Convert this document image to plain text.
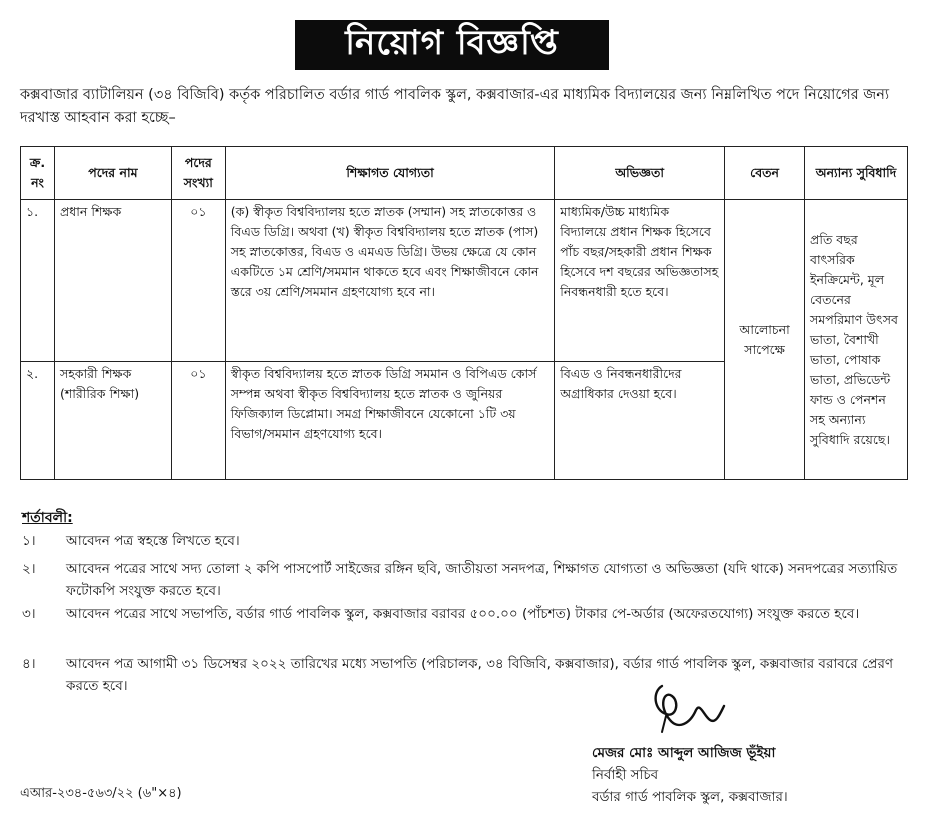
নিয়োগ বিজ্ঞপ্তি
কক্সবাজার ব্যাটালিয়ন (৩৪ বিজিবি) কর্তৃক পরিচালিত বর্ডার গার্ড পাবলিক স্কুল, কক্সবাজার-এর মাধ্যমিক বিদ্যালয়ের জন্য নিম্নলিখিত পদে নিয়োগের জন্য দরখাস্ত আহবান করা হচ্ছে–
ক্র. নং	পদের নাম	পদের সংখ্যা	শিক্ষাগত যোগ্যতা	অভিজ্ঞতা	বেতন	অন্যান্য সুবিধাদি
১.	প্রধান শিক্ষক	০১	(ক) স্বীকৃত বিশ্ববিদ্যালয় হতে স্নাতক (সম্মান) সহ স্নাতকোত্তর ও বিএড ডিগ্রি। অথবা (খ) স্বীকৃত বিশ্ববিদ্যালয় হতে স্নাতক (পাস) সহ স্নাতকোত্তর, বিএড ও এমএড ডিগ্রি। উভয় ক্ষেত্রে যে কোন একটিতে ১ম শ্রেণি/সমমান থাকতে হবে এবং শিক্ষাজীবনে কোন স্তরে ৩য় শ্রেণি/সমমান গ্রহণযোগ্য হবে না।	মাধ্যমিক/উচ্চ মাধ্যমিক বিদ্যালয়ে প্রধান শিক্ষক হিসেবে পাঁচ বছর/সহকারী প্রধান শিক্ষক হিসেবে দশ বছরের অভিজ্ঞতাসহ নিবন্ধনধারী হতে হবে।	আলোচনা সাপেক্ষে	প্রতি বছর বাৎসরিক ইনক্রিমেন্ট, মূল বেতনের সমপরিমাণ উৎসব ভাতা, বৈশাখী ভাতা, পোষাক ভাতা, প্রভিডেন্ট ফান্ড ও পেনশন সহ অন্যান্য সুবিধাদি রয়েছে।
২.	সহকারী শিক্ষক (শারীরিক শিক্ষা)	০১	স্বীকৃত বিশ্ববিদ্যালয় হতে স্নাতক ডিগ্রি সমমান ও বিপিএড কোর্স সম্পন্ন অথবা স্বীকৃত বিশ্ববিদ্যালয় হতে স্নাতক ও জুনিয়র ফিজিক্যাল ডিপ্লোমা। সমগ্র শিক্ষাজীবনে যেকোনো ১টি ৩য় বিভাগ/সমমান গ্রহণযোগ্য হবে।	বিএড ও নিবন্ধনধারীদের অগ্রাধিকার দেওয়া হবে।		
শর্তাবলী:
১। আবেদন পত্র স্বহস্তে লিখতে হবে।
২। আবেদন পত্রের সাথে সদ্য তোলা ২ কপি পাসপোর্ট সাইজের রঙ্গিন ছবি, জাতীয়তা সনদপত্র, শিক্ষাগত যোগ্যতা ও অভিজ্ঞতা (যদি থাকে) সনদপত্রের সত্যায়িত ফটোকপি সংযুক্ত করতে হবে।
৩। আবেদন পত্রের সাথে সভাপতি, বর্ডার গার্ড পাবলিক স্কুল, কক্সবাজার বরাবর ৫০০.০০ (পাঁচশত) টাকার পে-অর্ডার (অফেরতযোগ্য) সংযুক্ত করতে হবে।
৪। আবেদন পত্র আগামী ৩১ ডিসেম্বর ২০২২ তারিখের মধ্যে সভাপতি (পরিচালক, ৩৪ বিজিবি, কক্সবাজার), বর্ডার গার্ড পাবলিক স্কুল, কক্সবাজার বরাবরে প্রেরণ করতে হবে।
মেজর মোঃ আব্দুল আজিজ ভূঁইয়া
নির্বাহী সচিব
বর্ডার গার্ড পাবলিক স্কুল, কক্সবাজার।
এআর-২৩৪-৫৬৩/২২ (৬"×৪)
